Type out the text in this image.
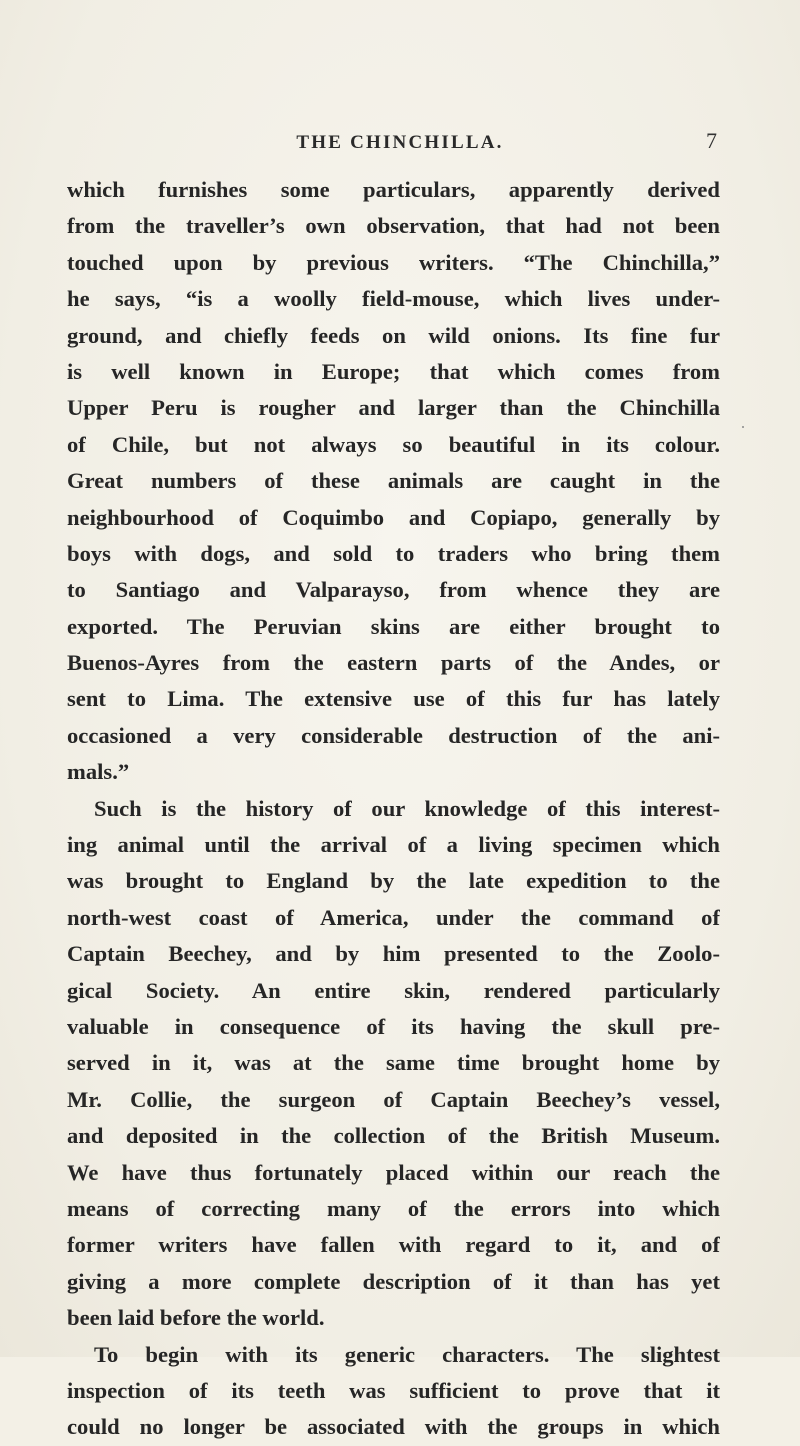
THE CHINCHILLA.	7
which furnishes some particulars, apparently derived
from the traveller’s own observation, that had not been
touched upon by previous writers. “The Chinchilla,”
he says, “is a woolly field-mouse, which lives under-
ground, and chiefly feeds on wild onions. Its fine fur
is well known in Europe; that which comes from
Upper Peru is rougher and larger than the Chinchilla
of Chile, but not always so beautiful in its colour.
Great numbers of these animals are caught in the
neighbourhood of Coquimbo and Copiapo, generally by
boys with dogs, and sold to traders who bring them
to Santiago and Valparayso, from whence they are
exported. The Peruvian skins are either brought to
Buenos-Ayres from the eastern parts of the Andes, or
sent to Lima. The extensive use of this fur has lately
occasioned a very considerable destruction of the ani-
mals.”
Such is the history of our knowledge of this interest-
ing animal until the arrival of a living specimen which
was brought to England by the late expedition to the
north-west coast of America, under the command of
Captain Beechey, and by him presented to the Zoolo-
gical Society. An entire skin, rendered particularly
valuable in consequence of its having the skull pre-
served in it, was at the same time brought home by
Mr. Collie, the surgeon of Captain Beechey’s vessel,
and deposited in the collection of the British Museum.
We have thus fortunately placed within our reach the
means of correcting many of the errors into which
former writers have fallen with regard to it, and of
giving a more complete description of it than has yet
been laid before the world.
To begin with its generic characters. The slightest
inspection of its teeth was sufficient to prove that it
could no longer be associated with the groups in which
